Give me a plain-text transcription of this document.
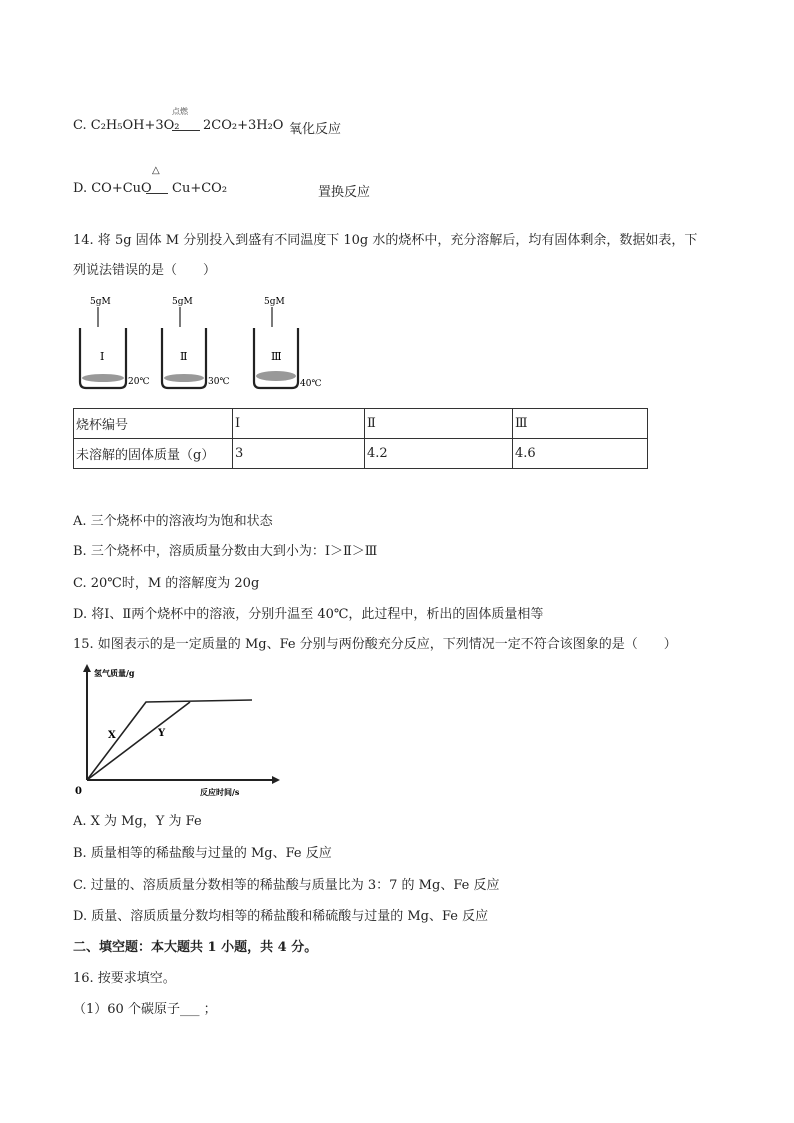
C. C₂H₅OH+3O₂
点燃
2CO₂+3H₂O 氧化反应
D. CO+CuO
△
Cu+CO₂	置换反应
14. 将 5g 固体 M 分别投入到盛有不同温度下 10g 水的烧杯中，充分溶解后，均有固体剩余，数据如表，下
列说法错误的是（　　）
5gM
Ⅰ
20℃
5gM
Ⅱ
30℃
5gM
Ⅲ
40℃
烧杯编号	Ⅰ	Ⅱ	Ⅲ
未溶解的固体质量（g）	3	4.2	4.6
A. 三个烧杯中的溶液均为饱和状态
B. 三个烧杯中，溶质质量分数由大到小为：Ⅰ＞Ⅱ＞Ⅲ
C. 20℃时，M 的溶解度为 20g
D. 将Ⅰ、Ⅱ两个烧杯中的溶液，分别升温至 40℃，此过程中，析出的固体质量相等
15. 如图表示的是一定质量的 Mg、Fe 分别与两份酸充分反应，下列情况一定不符合该图象的是（　　）
氢气质量/g
反应时间/s
0
X	Y
A. X 为 Mg，Y 为 Fe
B. 质量相等的稀盐酸与过量的 Mg、Fe 反应
C. 过量的、溶质质量分数相等的稀盐酸与质量比为 3：7 的 Mg、Fe 反应
D. 质量、溶质质量分数均相等的稀盐酸和稀硫酸与过量的 Mg、Fe 反应
二、填空题：本大题共 1 小题，共 4 分。
16. 按要求填空。
（1）60 个碳原子___ ；
